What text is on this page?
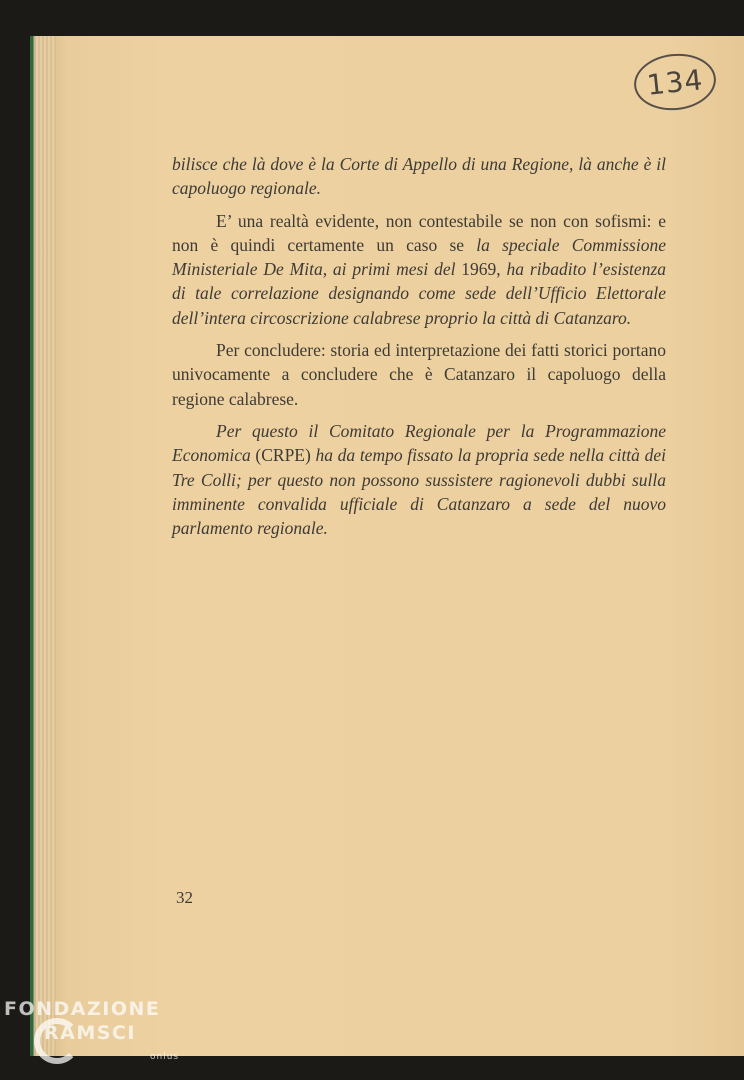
134

bilisce che là dove è la Corte di Appello di una Regione, là anche è il capoluogo regionale.

E’ una realtà evidente, non contestabile se non con sofismi: e non è quindi certamente un caso se la speciale Commissione Ministeriale De Mita, ai primi mesi del 1969, ha ribadito l’esistenza di tale correlazione designando come sede dell’Ufficio Elettorale dell’intera circoscrizione calabrese proprio la città di Catanzaro.

Per concludere: storia ed interpretazione dei fatti storici portano univocamente a concludere che è Catanzaro il capoluogo della regione calabrese.

Per questo il Comitato Regionale per la Programmazione Economica (CRPE) ha da tempo fissato la propria sede nella città dei Tre Colli; per questo non possono sussistere ragionevoli dubbi sulla imminente convalida ufficiale di Catanzaro a sede del nuovo parlamento regionale.

32
FONDAZIONE
RAMSCI
onlus
